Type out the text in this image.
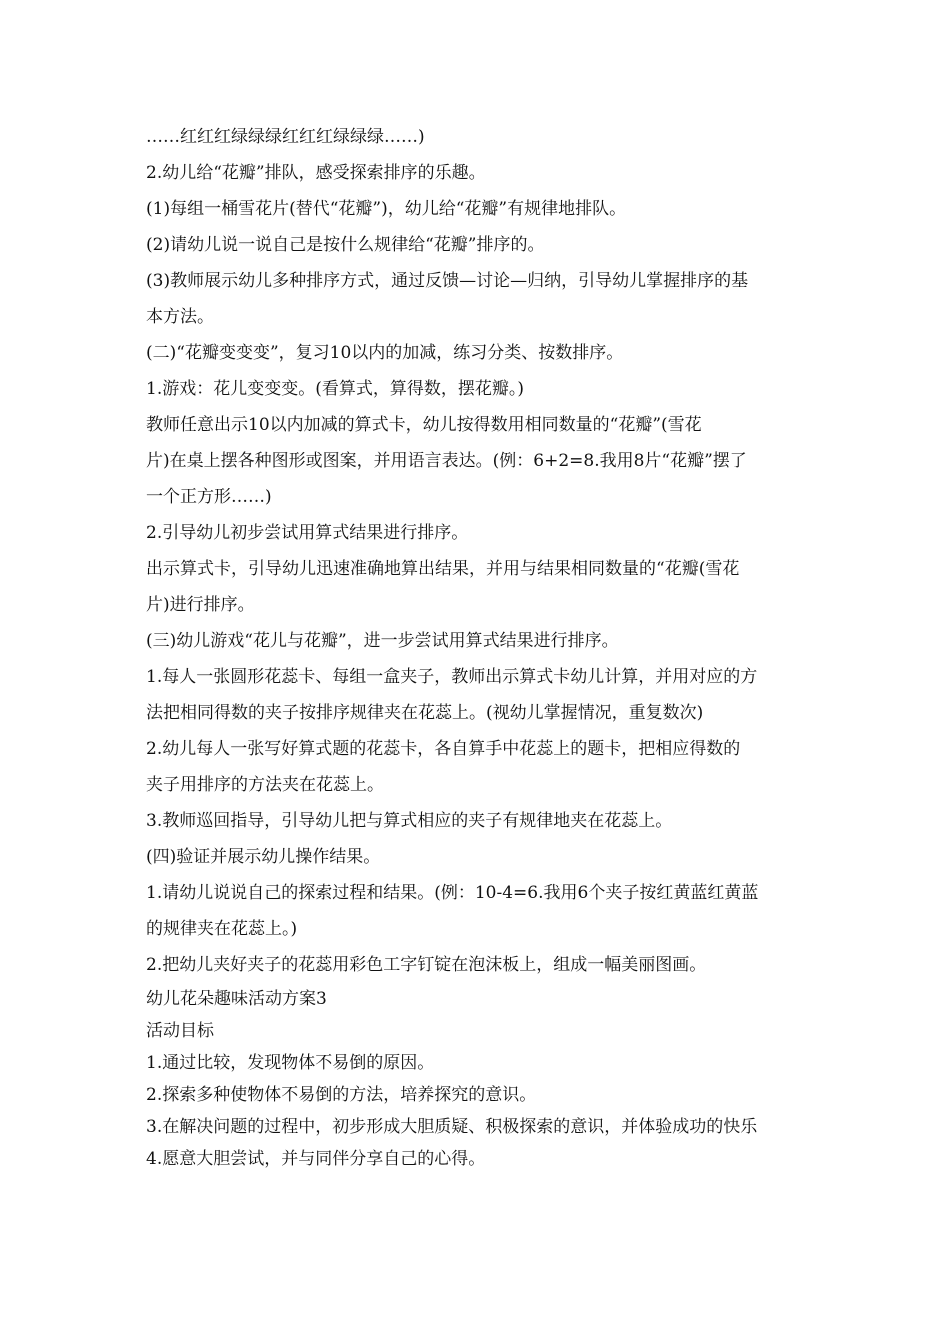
……红红红绿绿绿红红红绿绿绿……)
2.幼儿给“花瓣”排队，感受探索排序的乐趣。
(1)每组一桶雪花片(替代“花瓣”)，幼儿给“花瓣”有规律地排队。
(2)请幼儿说一说自己是按什么规律给“花瓣”排序的。
(3)教师展示幼儿多种排序方式，通过反馈—讨论—归纳，引导幼儿掌握排序的基
本方法。
(二)“花瓣变变变”，复习10以内的加减，练习分类、按数排序。
1.游戏：花儿变变变。(看算式，算得数，摆花瓣。)
教师任意出示10以内加减的算式卡，幼儿按得数用相同数量的“花瓣”(雪花
片)在桌上摆各种图形或图案，并用语言表达。(例：6+2=8.我用8片“花瓣”摆了
一个正方形……)
2.引导幼儿初步尝试用算式结果进行排序。
出示算式卡，引导幼儿迅速准确地算出结果，并用与结果相同数量的“花瓣(雪花
片)进行排序。
(三)幼儿游戏“花儿与花瓣”，进一步尝试用算式结果进行排序。
1.每人一张圆形花蕊卡、每组一盒夹子，教师出示算式卡幼儿计算，并用对应的方
法把相同得数的夹子按排序规律夹在花蕊上。(视幼儿掌握情况，重复数次)
2.幼儿每人一张写好算式题的花蕊卡，各自算手中花蕊上的题卡，把相应得数的
夹子用排序的方法夹在花蕊上。
3.教师巡回指导，引导幼儿把与算式相应的夹子有规律地夹在花蕊上。
(四)验证并展示幼儿操作结果。
1.请幼儿说说自己的探索过程和结果。(例：10-4=6.我用6个夹子按红黄蓝红黄蓝
的规律夹在花蕊上。)
2.把幼儿夹好夹子的花蕊用彩色工字钉锭在泡沫板上，组成一幅美丽图画。
幼儿花朵趣味活动方案3
活动目标
1.通过比较，发现物体不易倒的原因。
2.探索多种使物体不易倒的方法，培养探究的意识。
3.在解决问题的过程中，初步形成大胆质疑、积极探索的意识，并体验成功的快乐
4.愿意大胆尝试，并与同伴分享自己的心得。
